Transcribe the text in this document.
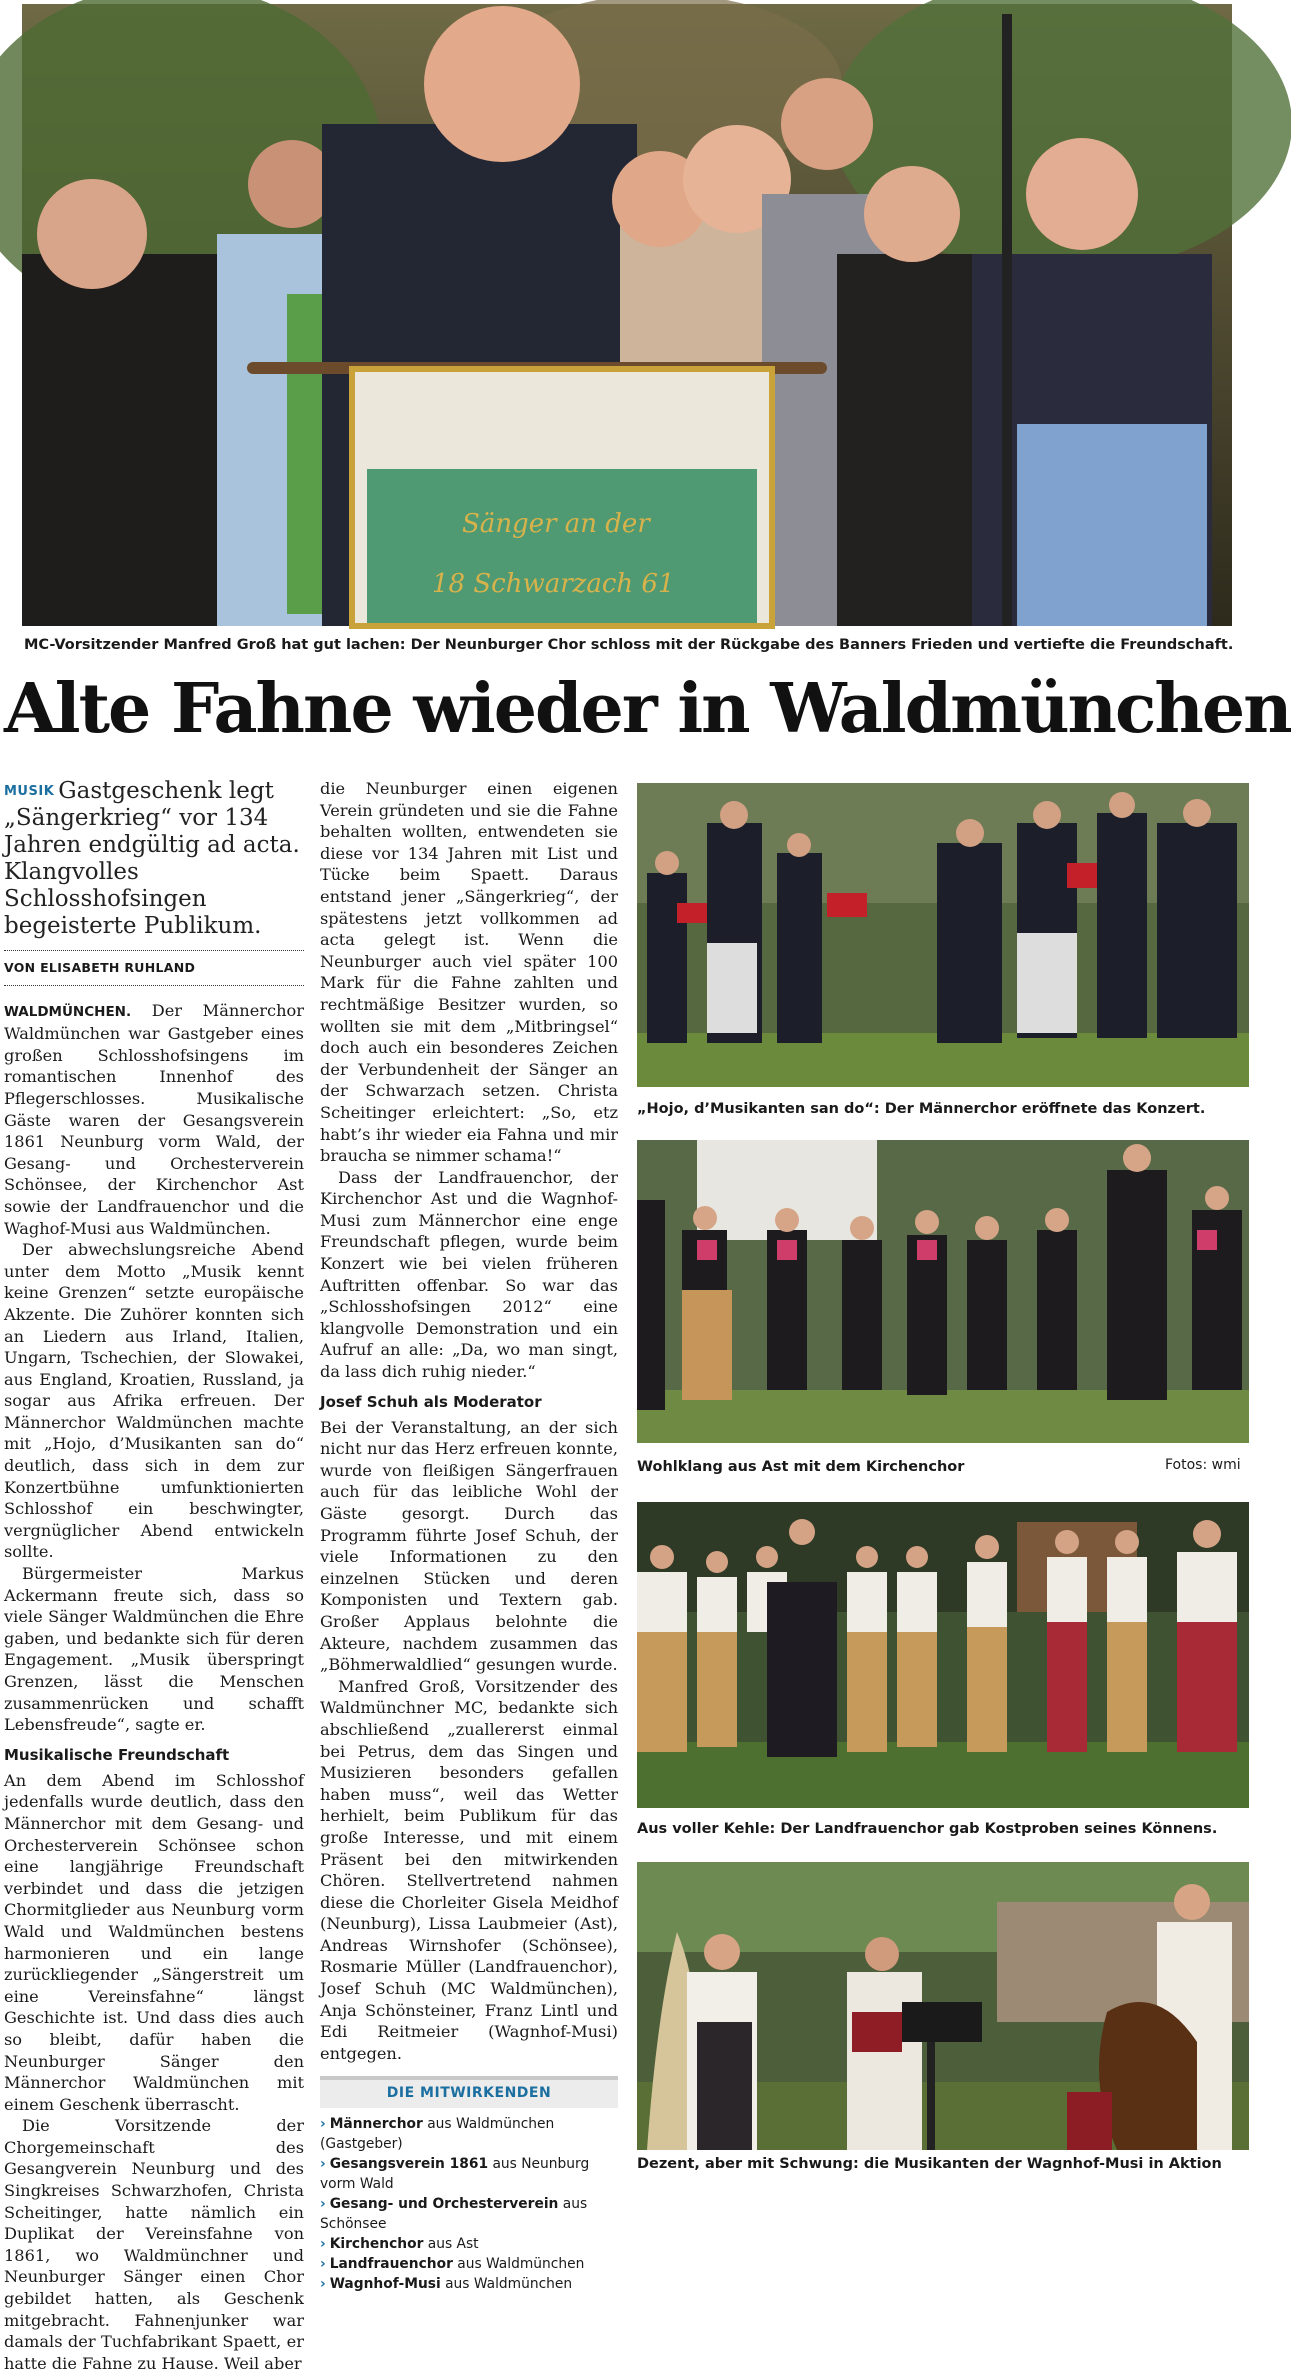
Sänger an der
18 Schwarzach 61
MC-Vorsitzender Manfred Groß hat gut lachen: Der Neunburger Chor schloss mit der Rückgabe des Banners Frieden und vertiefte die Freundschaft.
Alte Fahne wieder in Waldmünchen
MUSIK Gastgeschenk legt „Sängerkrieg“ vor 134 Jahren endgültig ad acta. Klangvolles Schlosshofsingen begeisterte Publikum.
VON ELISABETH RUHLAND

WALDMÜNCHEN. Der Männerchor Waldmünchen war Gastgeber eines großen Schlosshofsingens im romantischen Innenhof des Pflegerschlosses. Musikalische Gäste waren der Gesangsverein 1861 Neunburg vorm Wald, der Gesang- und Orchesterverein Schönsee, der Kirchenchor Ast sowie der Landfrauenchor und die Waghof-Musi aus Waldmünchen.

Der abwechslungsreiche Abend unter dem Motto „Musik kennt keine Grenzen“ setzte europäische Akzente. Die Zuhörer konnten sich an Liedern aus Irland, Italien, Ungarn, Tschechien, der Slowakei, aus England, Kroatien, Russland, ja sogar aus Afrika erfreuen. Der Männerchor Waldmünchen machte mit „Hojo, d’Musikanten san do“ deutlich, dass sich in dem zur Konzertbühne umfunktionierten Schlosshof ein beschwingter, vergnüglicher Abend entwickeln sollte.

Bürgermeister Markus Ackermann freute sich, dass so viele Sänger Waldmünchen die Ehre gaben, und bedankte sich für deren Engagement. „Musik überspringt Grenzen, lässt die Menschen zusammenrücken und schafft Lebensfreude“, sagte er.

Musikalische Freundschaft

An dem Abend im Schlosshof jedenfalls wurde deutlich, dass den Männerchor mit dem Gesang- und Orchesterverein Schönsee schon eine langjährige Freundschaft verbindet und dass die jetzigen Chormitglieder aus Neunburg vorm Wald und Waldmünchen bestens harmonieren und ein lange zurückliegender „Sängerstreit um eine Vereinsfahne“ längst Geschichte ist. Und dass dies auch so bleibt, dafür haben die Neunburger Sänger den Männerchor Waldmünchen mit einem Geschenk überrascht.

Die Vorsitzende der Chorgemeinschaft des Gesangverein Neunburg und des Singkreises Schwarzhofen, Christa Scheitinger, hatte nämlich ein Duplikat der Vereinsfahne von 1861, wo Waldmünchner und Neunburger Sänger einen Chor gebildet hatten, als Geschenk mitgebracht. Fahnenjunker war damals der Tuchfabrikant Spaett, er hatte die Fahne zu Hause. Weil aber

die Neunburger einen eigenen Verein gründeten und sie die Fahne behalten wollten, entwendeten sie diese vor 134 Jahren mit List und Tücke beim Spaett. Daraus entstand jener „Sängerkrieg“, der spätestens jetzt vollkommen ad acta gelegt ist. Wenn die Neunburger auch viel später 100 Mark für die Fahne zahlten und rechtmäßige Besitzer wurden, so wollten sie mit dem „Mitbringsel“ doch auch ein besonderes Zeichen der Verbundenheit der Sänger an der Schwarzach setzen. Christa Scheitinger erleichtert: „So, etz habt’s ihr wieder eia Fahna und mir braucha se nimmer schama!“

Dass der Landfrauenchor, der Kirchenchor Ast und die Wagnhof-Musi zum Männerchor eine enge Freundschaft pflegen, wurde beim Konzert wie bei vielen früheren Auftritten offenbar. So war das „Schlosshofsingen 2012“ eine klangvolle Demonstration und ein Aufruf an alle: „Da, wo man singt, da lass dich ruhig nieder.“

Josef Schuh als Moderator

Bei der Veranstaltung, an der sich nicht nur das Herz erfreuen konnte, wurde von fleißigen Sängerfrauen auch für das leibliche Wohl der Gäste gesorgt. Durch das Programm führte Josef Schuh, der viele Informationen zu den einzelnen Stücken und deren Komponisten und Textern gab. Großer Applaus belohnte die Akteure, nachdem zusammen das „Böhmerwaldlied“ gesungen wurde.

Manfred Groß, Vorsitzender des Waldmünchner MC, bedankte sich abschließend „zuallererst einmal bei Petrus, dem das Singen und Musizieren besonders gefallen haben muss“, weil das Wetter herhielt, beim Publikum für das große Interesse, und mit einem Präsent bei den mitwirkenden Chören. Stellvertretend nahmen diese die Chorleiter Gisela Meidhof (Neunburg), Lissa Laubmeier (Ast), Andreas Wirnshofer (Schönsee), Rosmarie Müller (Landfrauenchor), Josef Schuh (MC Waldmünchen), Anja Schönsteiner, Franz Lintl und Edi Reitmeier (Wagnhof-Musi) entgegen.

DIE MITWIRKENDEN
› Männerchor aus Waldmünchen (Gastgeber)
› Gesangsverein 1861 aus Neunburg vorm Wald
› Gesang- und Orchesterverein aus Schönsee
› Kirchenchor aus Ast
› Landfrauenchor aus Waldmünchen
› Wagnhof-Musi aus Waldmünchen
„Hojo, d’Musikanten san do“: Der Männerchor eröffnete das Konzert.
Wohlklang aus Ast mit dem Kirchenchor	Fotos: wmi
Aus voller Kehle: Der Landfrauenchor gab Kostproben seines Könnens.
Dezent, aber mit Schwung: die Musikanten der Wagnhof-Musi in Aktion
